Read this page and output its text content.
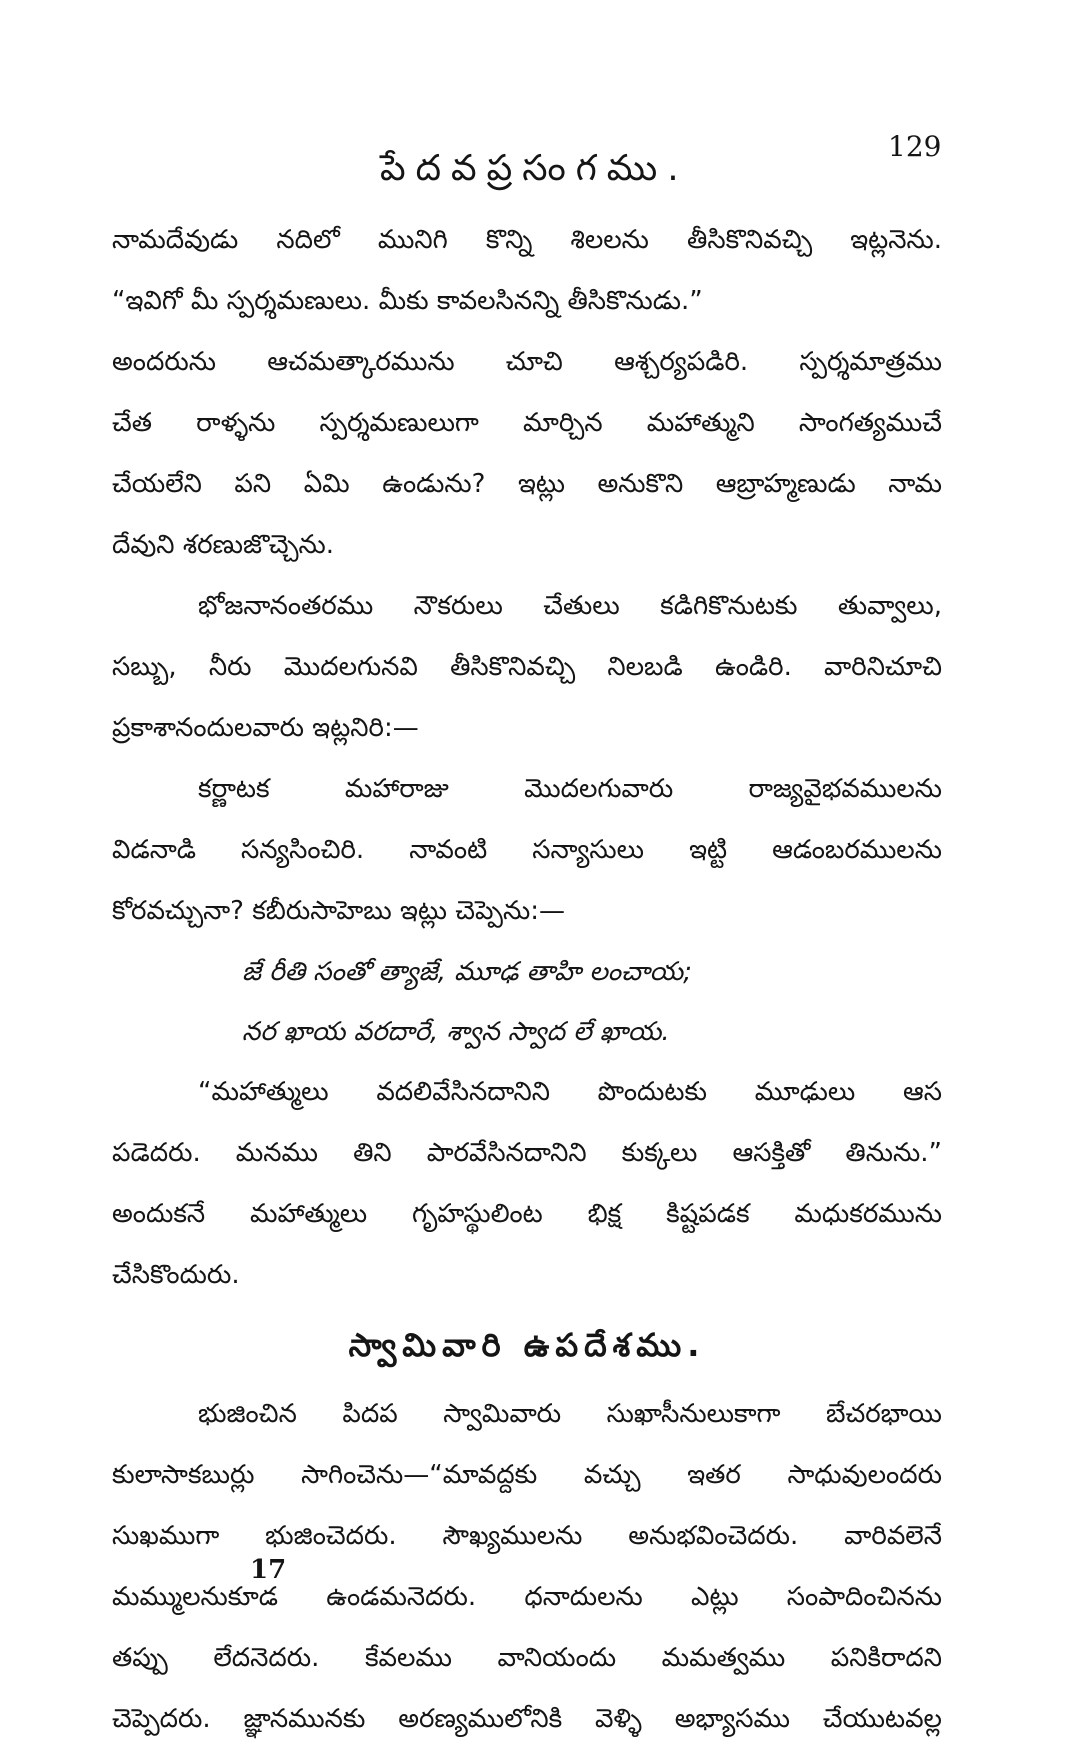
పేదవప్రసంగము.
129
నామదేవుడు నదిలో మునిగి కొన్ని శిలలను తీసికొనివచ్చి ఇట్లనెను.
“ఇవిగో మీ స్పర్శమణులు. మీకు కావలసినన్ని తీసికొనుడు.”
అందరును ఆచమత్కారమును చూచి ఆశ్చర్యపడిరి. స్పర్శమాత్రము
చేత రాళ్ళను స్పర్శమణులుగా మార్చిన మహాత్ముని సాంగత్యముచే
చేయలేని పని ఏమి ఉండును? ఇట్లు అనుకొని ఆబ్రాహ్మణుడు నామ
దేవుని శరణుజొచ్చెను.
భోజనానంతరము నౌకరులు చేతులు కడిగికొనుటకు తువ్వాలు,
సబ్బు, నీరు మొదలగునవి తీసికొనివచ్చి నిలబడి ఉండిరి. వారినిచూచి
ప్రకాశానందులవారు ఇట్లనిరి:—
కర్ణాటక మహారాజు మొదలగువారు రాజ్యవైభవములను
విడనాడి సన్యసించిరి. నావంటి సన్యాసులు ఇట్టి ఆడంబరములను
కోరవచ్చునా? కబీరుసాహెబు ఇట్లు చెప్పెను:—
జే రీతి సంతో త్యాజే, మూఢ తాహి లంచాయ;
నర ఖాయ వరదారే, శ్వాన స్వాద లే ఖాయ.
“మహాత్ములు వదలివేసినదానిని పొందుటకు మూఢులు ఆస
పడెదరు. మనము తిని పారవేసినదానిని కుక్కలు ఆసక్తితో తినును.”
అందుకనే మహాత్ములు గృహస్థులింట భిక్ష కిష్టపడక మధుకరమును
చేసికొందురు.
స్వామివారి ఉపదేశము.
భుజించిన పిదప స్వామివారు సుఖాసీనులుకాగా బేచరభాయి
కులాసాకబుర్లు సాగించెను—“మావద్దకు వచ్చు ఇతర సాధువులందరు
సుఖముగా భుజించెదరు. సౌఖ్యములను అనుభవించెదరు. వారివలెనే
మమ్ములనుకూడ ఉండమనెదరు. ధనాదులను ఎట్లు సంపాదించినను
తప్పు లేదనెదరు. కేవలము వానియందు మమత్వము పనికిరాదని
చెప్పెదరు. జ్ఞానమునకు అరణ్యములోనికి వెళ్ళి అభ్యాసము చేయుటవల్ల
17
